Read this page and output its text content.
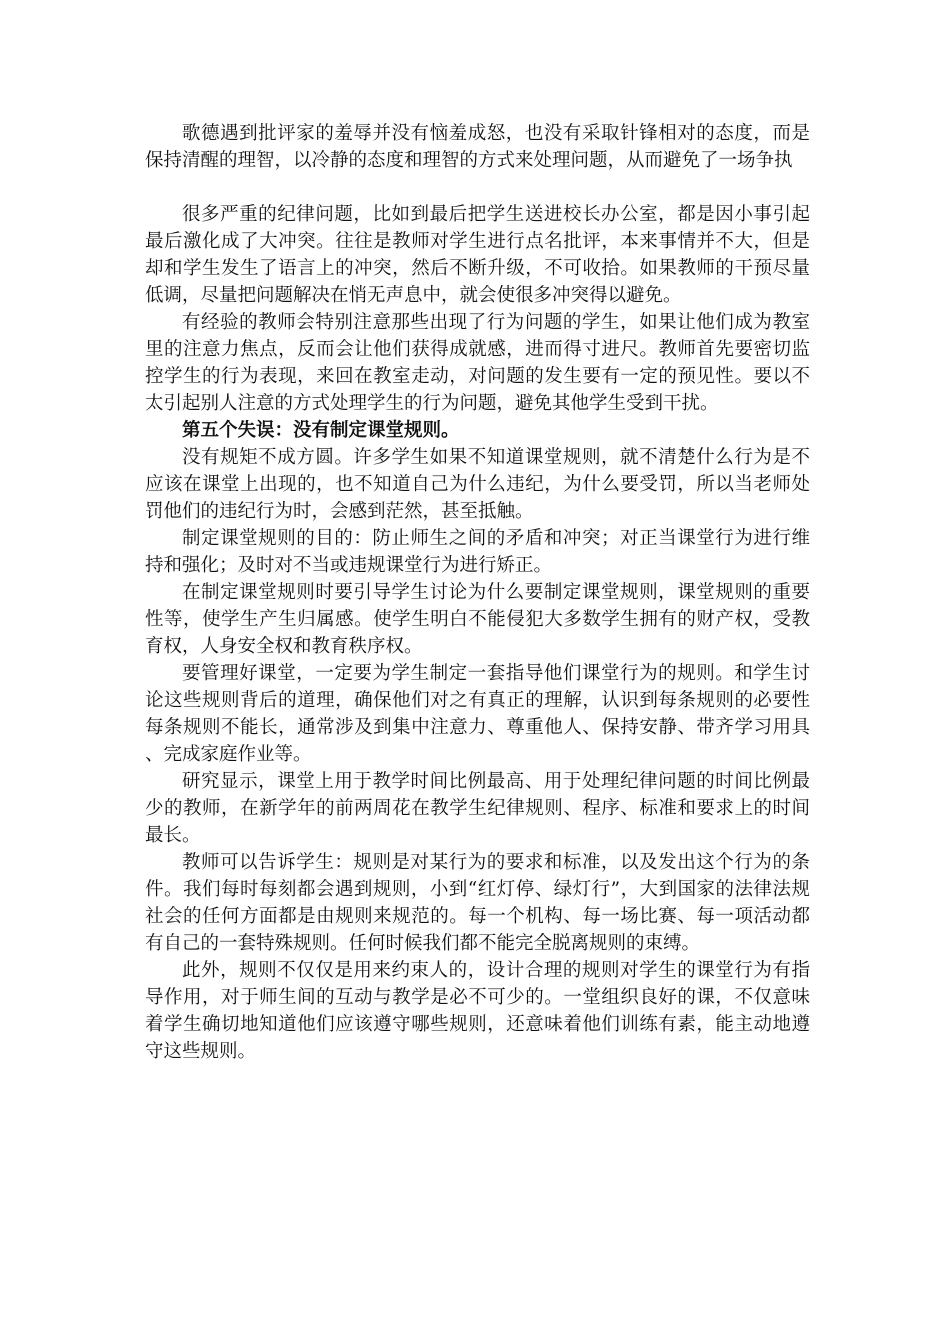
歌德遇到批评家的羞辱并没有恼羞成怒，也没有采取针锋相对的态度，而是保持清醒的理智，以冷静的态度和理智的方式来处理问题，从而避免了一场争执

很多严重的纪律问题，比如到最后把学生送进校长办公室，都是因小事引起最后激化成了大冲突。往往是教师对学生进行点名批评，本来事情并不大，但是却和学生发生了语言上的冲突，然后不断升级，不可收拾。如果教师的干预尽量低调，尽量把问题解决在悄无声息中，就会使很多冲突得以避免。

有经验的教师会特别注意那些出现了行为问题的学生，如果让他们成为教室里的注意力焦点，反而会让他们获得成就感，进而得寸进尺。教师首先要密切监控学生的行为表现，来回在教室走动，对问题的发生要有一定的预见性。要以不太引起别人注意的方式处理学生的行为问题，避免其他学生受到干扰。

第五个失误：没有制定课堂规则。

没有规矩不成方圆。许多学生如果不知道课堂规则，就不清楚什么行为是不应该在课堂上出现的，也不知道自己为什么违纪，为什么要受罚，所以当老师处罚他们的违纪行为时，会感到茫然，甚至抵触。

制定课堂规则的目的：防止师生之间的矛盾和冲突；对正当课堂行为进行维持和强化；及时对不当或违规课堂行为进行矫正。

在制定课堂规则时要引导学生讨论为什么要制定课堂规则，课堂规则的重要性等，使学生产生归属感。使学生明白不能侵犯大多数学生拥有的财产权，受教育权，人身安全权和教育秩序权。

要管理好课堂，一定要为学生制定一套指导他们课堂行为的规则。和学生讨论这些规则背后的道理，确保他们对之有真正的理解，认识到每条规则的必要性每条规则不能长，通常涉及到集中注意力、尊重他人、保持安静、带齐学习用具、完成家庭作业等。

研究显示，课堂上用于教学时间比例最高、用于处理纪律问题的时间比例最少的教师，在新学年的前两周花在教学生纪律规则、程序、标准和要求上的时间最长。

教师可以告诉学生：规则是对某行为的要求和标准，以及发出这个行为的条件。我们每时每刻都会遇到规则，小到“红灯停、绿灯行”，大到国家的法律法规社会的任何方面都是由规则来规范的。每一个机构、每一场比赛、每一项活动都有自己的一套特殊规则。任何时候我们都不能完全脱离规则的束缚。

此外，规则不仅仅是用来约束人的，设计合理的规则对学生的课堂行为有指导作用，对于师生间的互动与教学是必不可少的。一堂组织良好的课，不仅意味着学生确切地知道他们应该遵守哪些规则，还意味着他们训练有素，能主动地遵守这些规则。
